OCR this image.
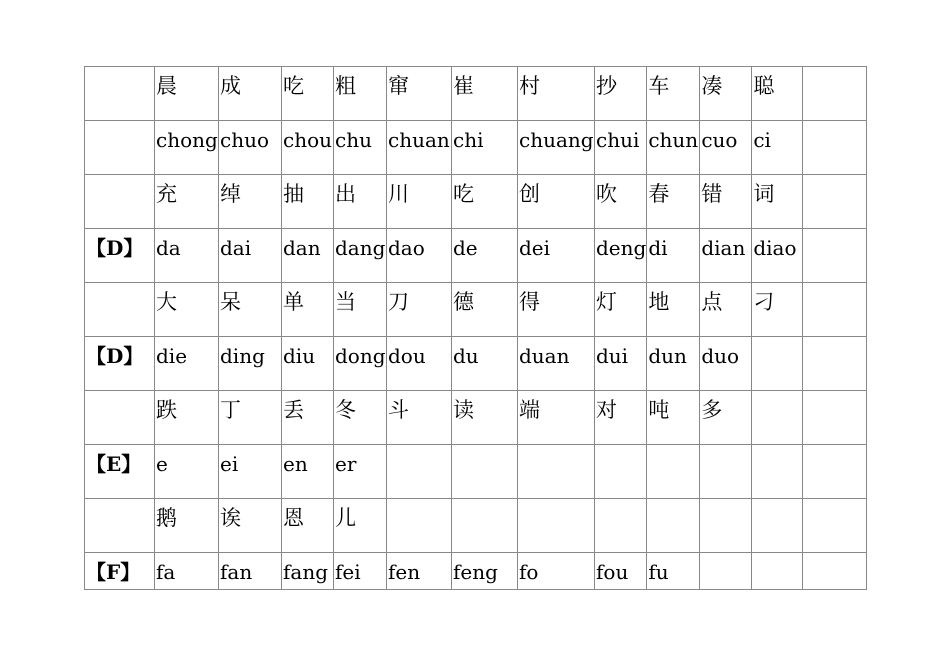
	晨	成	吃	粗	窜	崔	村	抄	车	凑	聪	
	chong	chuo	chou	chu	chuan	chi	chuang	chui	chun	cuo	ci	
	充	绰	抽	出	川	吃	创	吹	春	错	词	
【D】	da	dai	dan	dang	dao	de	dei	deng	di	dian	diao	
	大	呆	单	当	刀	德	得	灯	地	点	刁	
【D】	die	ding	diu	dong	dou	du	duan	dui	dun	duo		
	跌	丁	丢	冬	斗	读	端	对	吨	多		
【E】	e	ei	en	er								
	鹅	诶	恩	儿								
【F】	fa	fan	fang	fei	fen	feng	fo	fou	fu			
